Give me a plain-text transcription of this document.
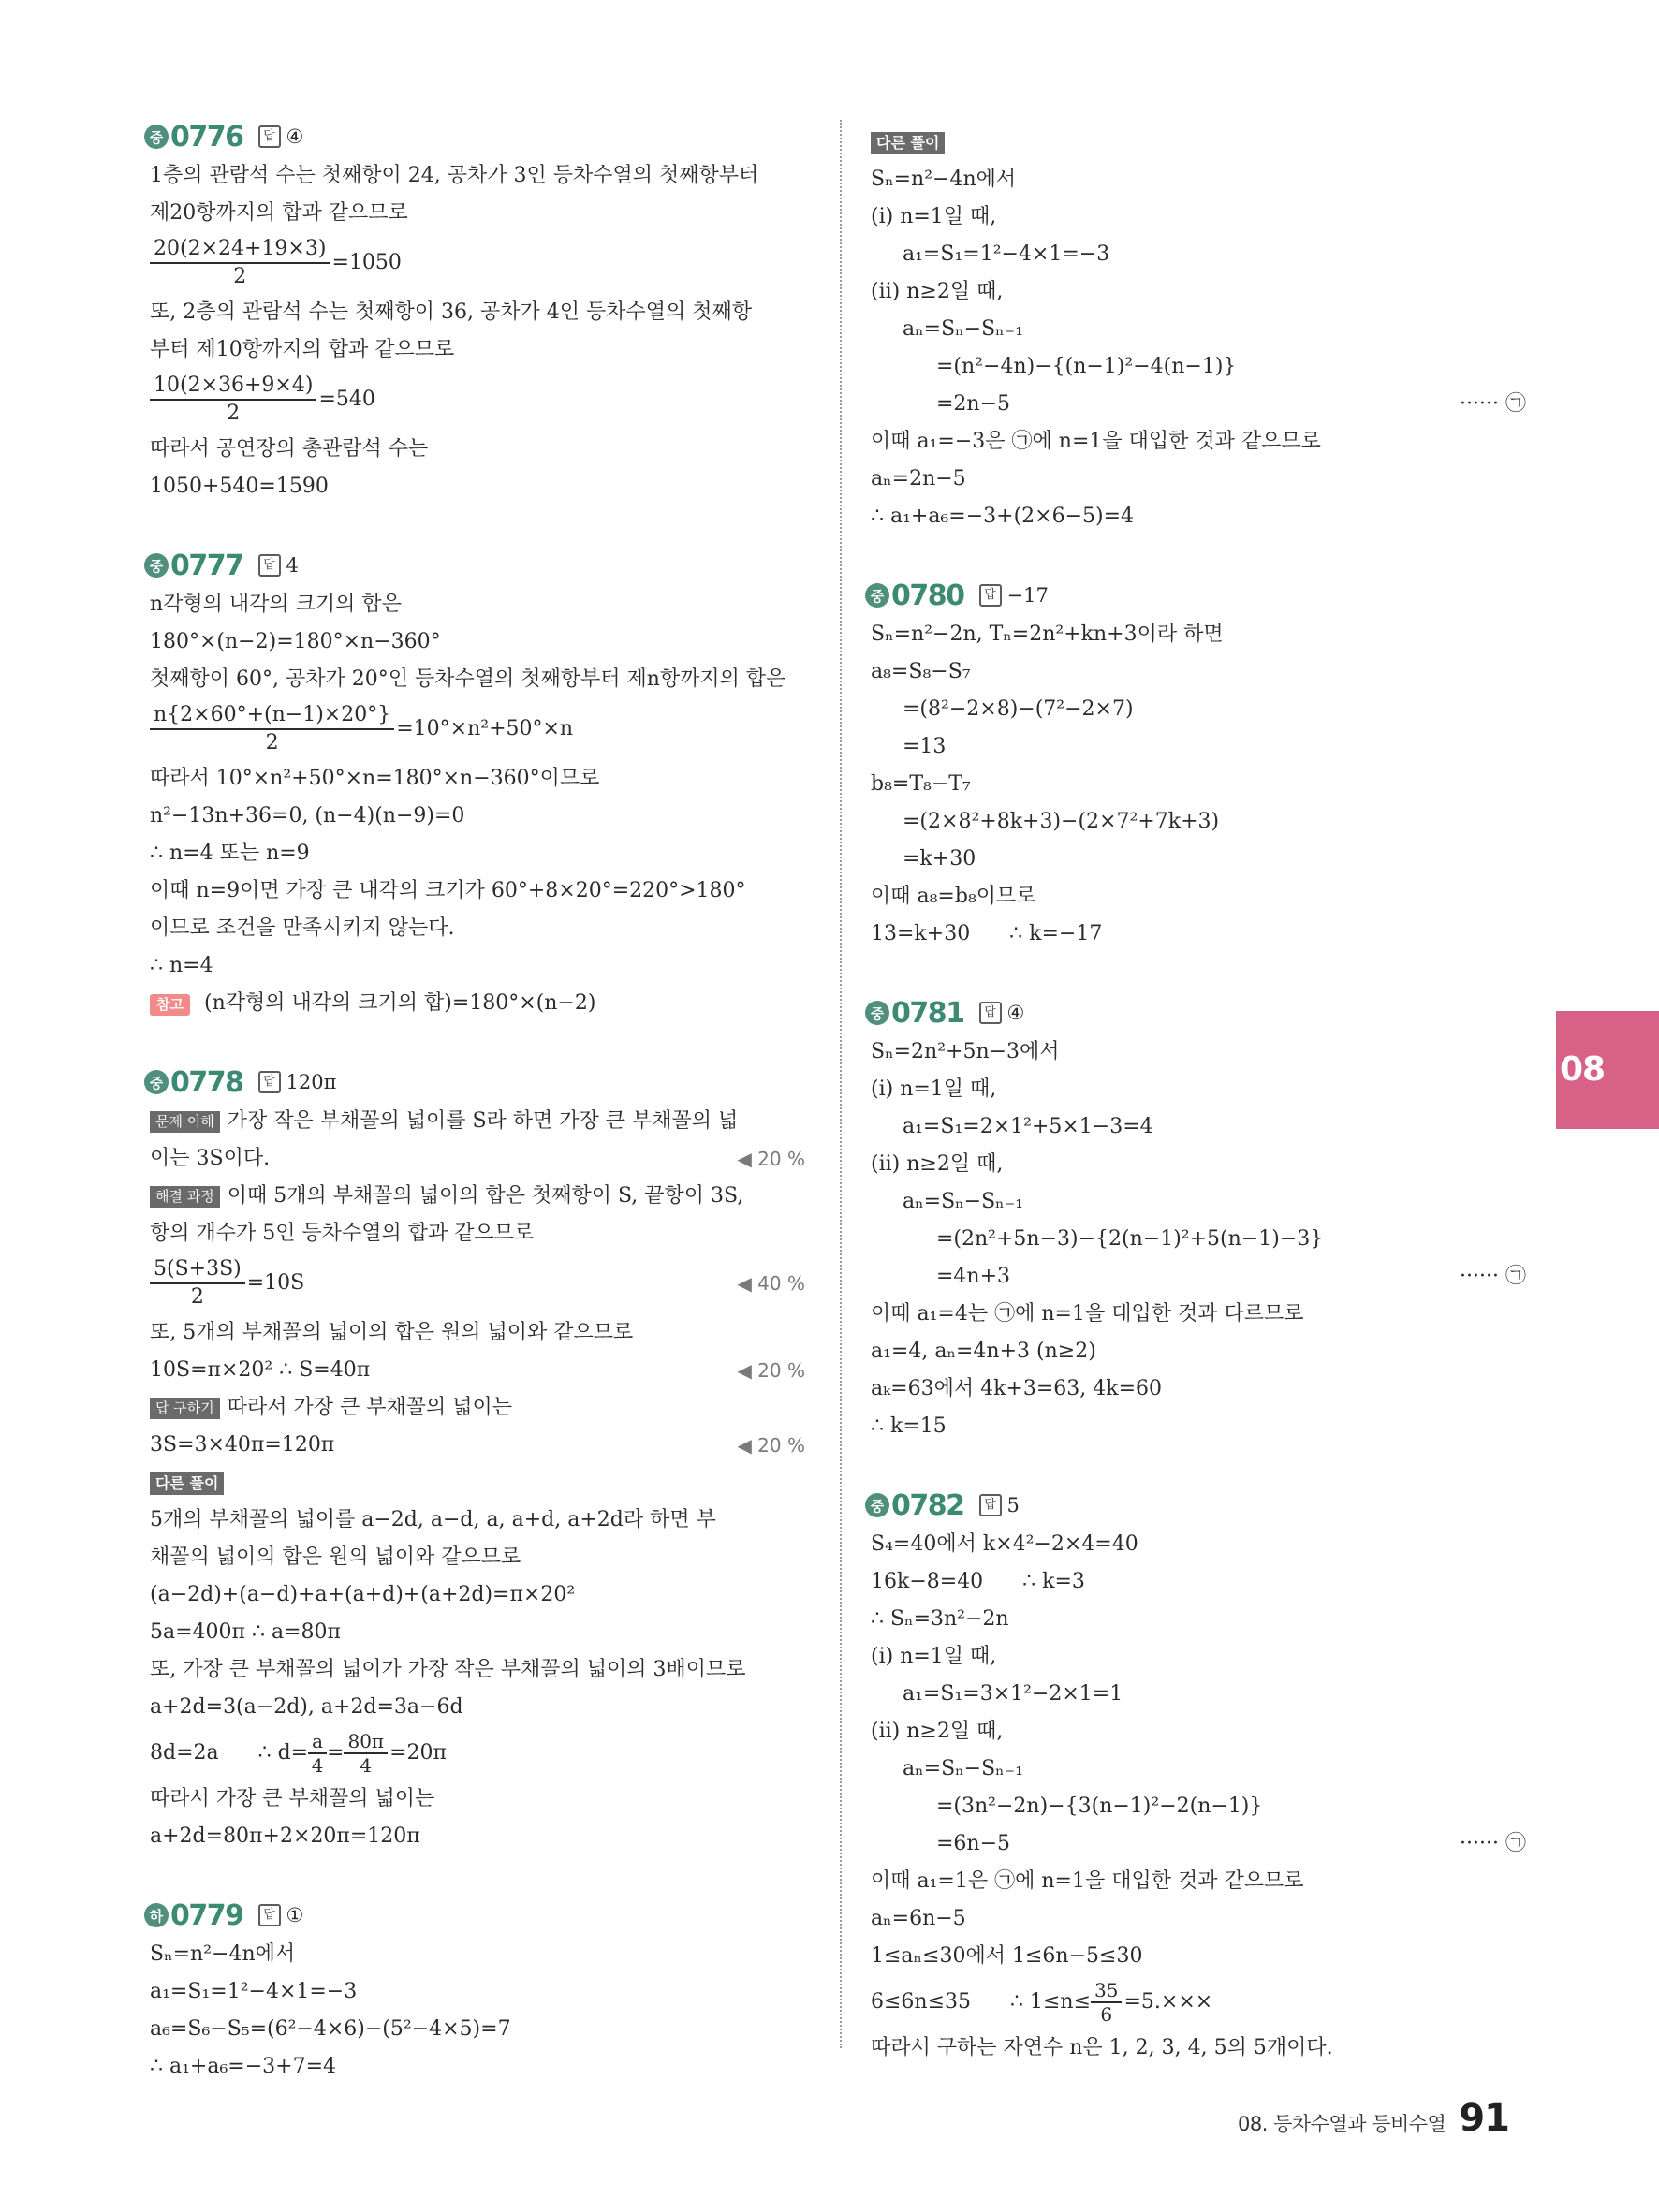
중 0776	답 ④
1층의 관람석 수는 첫째항이 24, 공차가 3인 등차수열의 첫째항부터
제20항까지의 합과 같으므로
$\frac{20(2\times 24+19\times 3)}{2} =1050$
또, 2층의 관람석 수는 첫째항이 36, 공차가 4인 등차수열의 첫째항
부터 제10항까지의 합과 같으므로
$\frac{10(2\times 36+9\times 4)}{2} =540$
따라서 공연장의 총관람석 수는
1050+540=1590
중 0777	답 4
n각형의 내각의 크기의 합은
180°×(n−2)=180°×n−360°
첫째항이 60°, 공차가 20°인 등차수열의 첫째항부터 제n항까지의 합은
$\frac{n\{2\times 60^\circ+(n-1)\times 20^\circ\}}{2} =10^\circ\times n^2+50^\circ\times n$
따라서 10°×n²+50°×n=180°×n−360°이므로
n²−13n+36=0, (n−4)(n−9)=0
∴ n=4 또는 n=9
이때 n=9이면 가장 큰 내각의 크기가 60°+8×20°=220°>180°
이므로 조건을 만족시키지 않는다.
∴ n=4
참고 (n각형의 내각의 크기의 합)=180°×(n−2)
중 0778	답 120π
문제 이해 가장 작은 부채꼴의 넓이를 S라 하면 가장 큰 부채꼴의 넓
이는 3S이다.	◀ 20 %
해결 과정 이때 5개의 부채꼴의 넓이의 합은 첫째항이 S, 끝항이 3S,
항의 개수가 5인 등차수열의 합과 같으므로
$\frac{5(S+3S)}{2} =10S$	◀ 40 %
또, 5개의 부채꼴의 넓이의 합은 원의 넓이와 같으므로
10S=π×20² ∴ S=40π	◀ 20 %
답 구하기 따라서 가장 큰 부채꼴의 넓이는
3S=3×40π=120π	◀ 20 %
다른 풀이
5개의 부채꼴의 넓이를 a−2d, a−d, a, a+d, a+2d라 하면 부
채꼴의 넓이의 합은 원의 넓이와 같으므로
(a−2d)+(a−d)+a+(a+d)+(a+2d)=π×20²
5a=400π ∴ a=80π
또, 가장 큰 부채꼴의 넓이가 가장 작은 부채꼴의 넓이의 3배이므로
a+2d=3(a−2d), a+2d=3a−6d
8d=2a      ∴ $d= \frac{a}{4} = \frac{80\pi}{4} =20\pi$
따라서 가장 큰 부채꼴의 넓이는
a+2d=80π+2×20π=120π
하 0779	답 ①
Sₙ=n²−4n에서
a₁=S₁=1²−4×1=−3
a₆=S₆−S₅=(6²−4×6)−(5²−4×5)=7
∴ a₁+a₆=−3+7=4
다른 풀이
Sₙ=n²−4n에서
(i) n=1일 때,
a₁=S₁=1²−4×1=−3
(ii) n≥2일 때,
aₙ=Sₙ−Sₙ₋₁
=(n²−4n)−{(n−1)²−4(n−1)}
=2n−5	······ ㉠
이때 a₁=−3은 ㉠에 n=1을 대입한 것과 같으므로
aₙ=2n−5
∴ a₁+a₆=−3+(2×6−5)=4
중 0780	답 −17
Sₙ=n²−2n, Tₙ=2n²+kn+3이라 하면
a₈=S₈−S₇
=(8²−2×8)−(7²−2×7)
=13
b₈=T₈−T₇
=(2×8²+8k+3)−(2×7²+7k+3)
=k+30
이때 a₈=b₈이므로
13=k+30      ∴ k=−17
중 0781	답 ④
Sₙ=2n²+5n−3에서
(i) n=1일 때,
a₁=S₁=2×1²+5×1−3=4
(ii) n≥2일 때,
aₙ=Sₙ−Sₙ₋₁
=(2n²+5n−3)−{2(n−1)²+5(n−1)−3}
=4n+3	······ ㉠
이때 a₁=4는 ㉠에 n=1을 대입한 것과 다르므로
a₁=4, aₙ=4n+3 (n≥2)
aₖ=63에서 4k+3=63, 4k=60
∴ k=15
중 0782	답 5
S₄=40에서 k×4²−2×4=40
16k−8=40      ∴ k=3
∴ Sₙ=3n²−2n
(i) n=1일 때,
a₁=S₁=3×1²−2×1=1
(ii) n≥2일 때,
aₙ=Sₙ−Sₙ₋₁
=(3n²−2n)−{3(n−1)²−2(n−1)}
=6n−5	······ ㉠
이때 a₁=1은 ㉠에 n=1을 대입한 것과 같으므로
aₙ=6n−5
1≤aₙ≤30에서 1≤6n−5≤30
6≤6n≤35      ∴ $1\le n\le \frac{35}{6} =5.\times\times\times$
따라서 구하는 자연수 n은 1, 2, 3, 4, 5의 5개이다.
08
08. 등차수열과 등비수열 91
